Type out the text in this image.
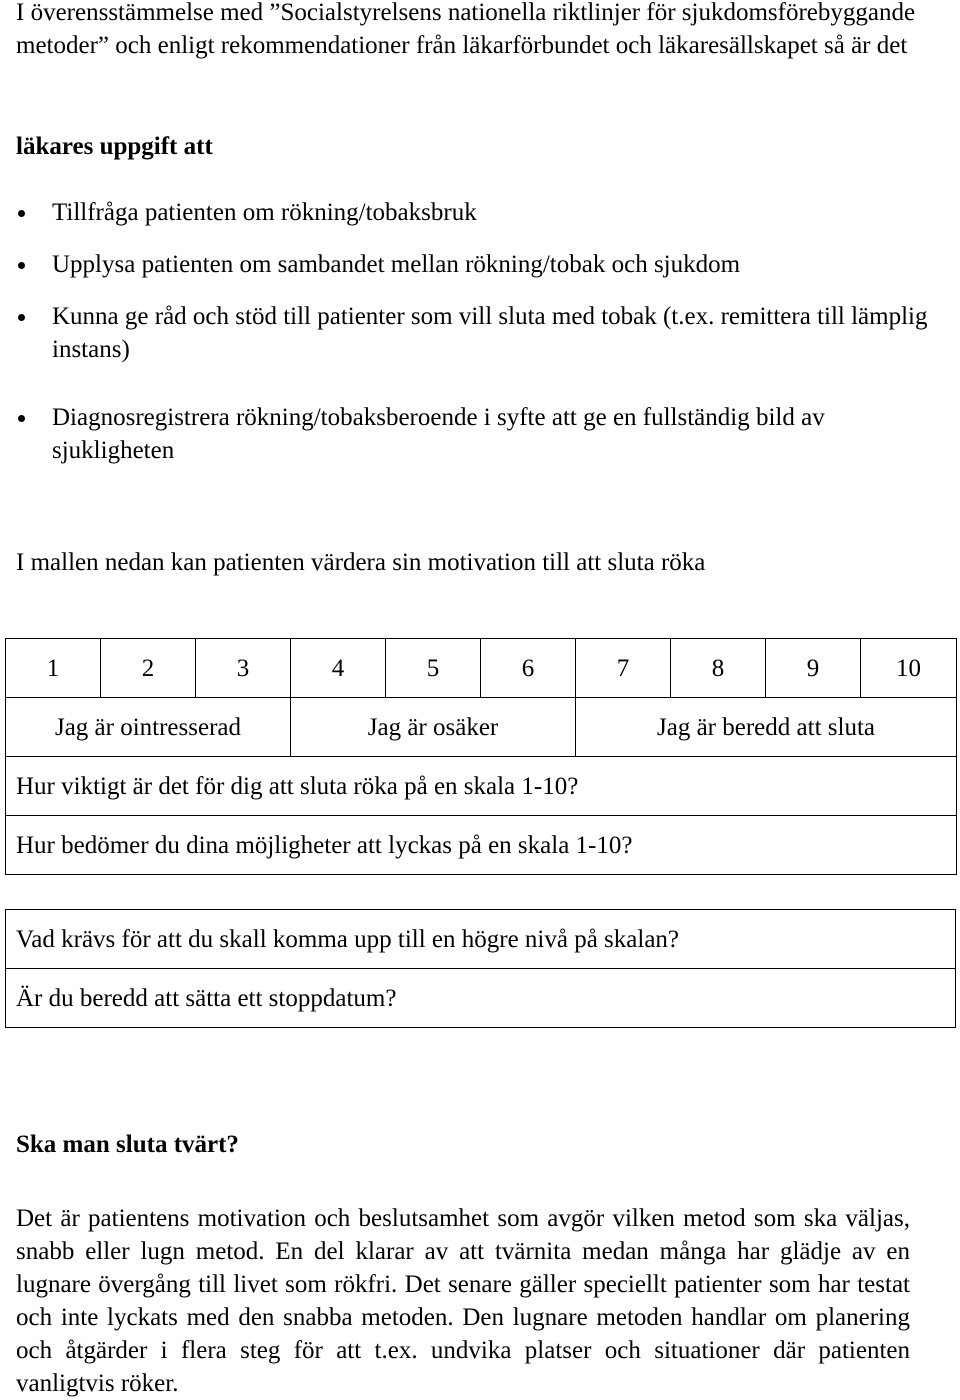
I överensstämmelse med ”Socialstyrelsens nationella riktlinjer för sjukdomsförebyggande metoder” och enligt rekommendationer från läkarförbundet och läkaresällskapet så är det
läkares uppgift att
Tillfråga patienten om rökning/tobaksbruk
Upplysa patienten om sambandet mellan rökning/tobak och sjukdom
Kunna ge råd och stöd till patienter som vill sluta med tobak (t.ex. remittera till lämplig instans)
Diagnosregistrera rökning/tobaksberoende i syfte att ge en fullständig bild av sjukligheten
I mallen nedan kan patienten värdera sin motivation till att sluta röka
1	2	3	4	5	6	7	8	9	10
Jag är ointresserad			Jag är osäker			Jag är beredd att sluta			
Hur viktigt är det för dig att sluta röka på en skala 1-10?									
Hur bedömer du dina möjligheter att lyckas på en skala 1-10?									
Vad krävs för att du skall komma upp till en högre nivå på skalan?
Är du beredd att sätta ett stoppdatum?
Ska man sluta tvärt?
Det är patientens motivation och beslutsamhet som avgör vilken metod som ska väljas, snabb eller lugn metod. En del klarar av att tvärnita medan många har glädje av en lugnare övergång till livet som rökfri. Det senare gäller speciellt patienter som har testat och inte lyckats med den snabba metoden. Den lugnare metoden handlar om planering och åtgärder i flera steg för att t.ex. undvika platser och situationer där patienten vanligtvis röker.
